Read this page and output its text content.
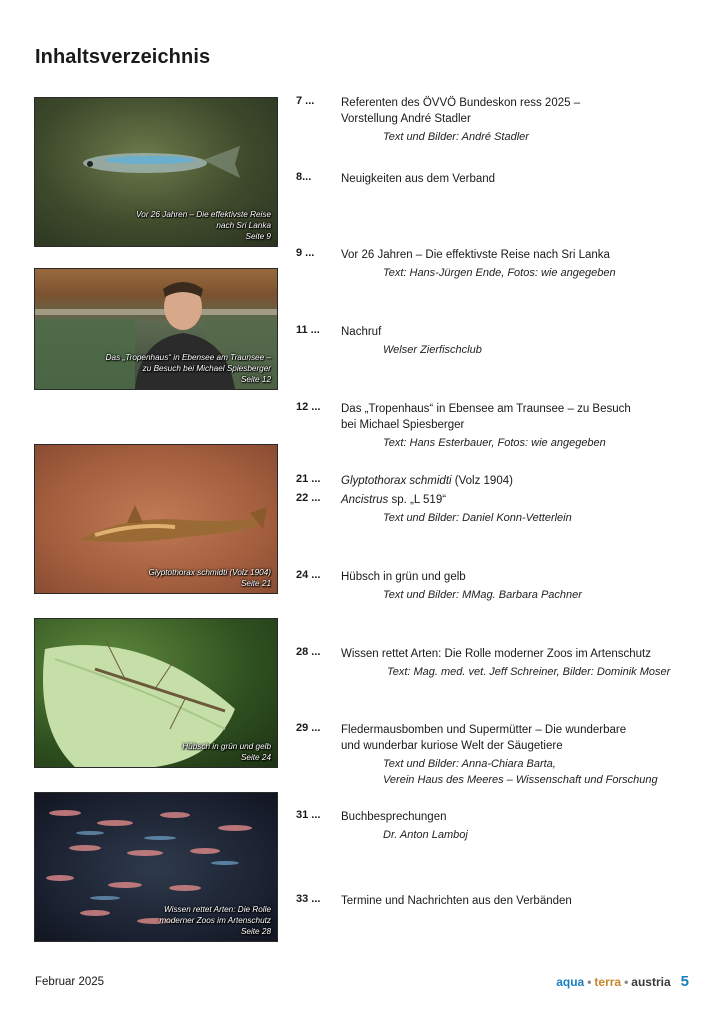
Inhaltsverzeichnis
Vor 26 Jahren – Die effektivste Reise
nach Sri Lanka
Seite 9
Das „Tropenhaus“ in Ebensee am Traunsee –
zu Besuch bei Michael Spiesberger
Seite 12
Glyptothorax schmidti (Volz 1904)
Seite 21
Hübsch in grün und gelb
Seite 24
Wissen rettet Arten: Die Rolle
moderner Zoos im Artenschutz
Seite 28
7 ... Referenten des ÖVVÖ Bundeskon ress 2025 –
Vorstellung André Stadler
Text und Bilder: André Stadler
8...	Neuigkeiten aus dem Verband
9 ... Vor 26 Jahren – Die effektivste Reise nach Sri Lanka
Text: Hans-Jürgen Ende, Fotos: wie angegeben
11 ... Nachruf
Welser Zierfischclub
12 ... Das „Tropenhaus“ in Ebensee am Traunsee – zu Besuch
bei Michael Spiesberger
Text: Hans Esterbauer, Fotos: wie angegeben
21 ... Glyptothorax schmidti (Volz 1904)
22 ... Ancistrus sp. „L 519“
Text und Bilder: Daniel Konn-Vetterlein
24 ... Hübsch in grün und gelb
Text und Bilder: MMag. Barbara Pachner
28 ... Wissen rettet Arten: Die Rolle moderner Zoos im Artenschutz
Text: Mag. med. vet. Jeff Schreiner, Bilder: Dominik Moser
29 ... Fledermausbomben und Supermütter – Die wunderbare
und wunderbar kuriose Welt der Säugetiere
Text und Bilder: Anna-Chiara Barta,
Verein Haus des Meeres – Wissenschaft und Forschung
31 ... Buchbesprechungen
Dr. Anton Lamboj
33 ... Termine und Nachrichten aus den Verbänden
Februar 2025	aqua • terra • austria 5
